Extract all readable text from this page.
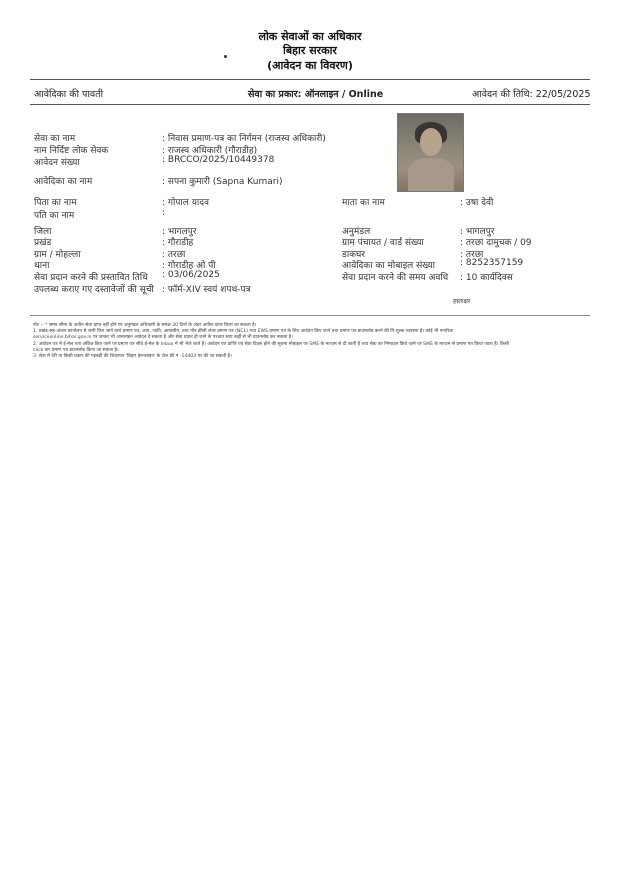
लोक सेवाओं का अधिकार
बिहार सरकार
(आवेदन का विवरण)
आवेदिका की पावती	सेवा का प्रकार: ऑनलाइन / Online	आवेदन की तिथि: 22/05/2025
सेवा का नाम	: निवास प्रमाण-पत्र का निर्गमन (राजस्व अधिकारी)
नाम निर्दिष्ट लोक सेवक	: राजस्व अधिकारी (गौराडीह)
आवेदन संख्या	: BRCCO/2025/10449378
आवेदिका का नाम	: सपना कुमारी (Sapna Kumari)
पिता का नाम	: गोपाल यादव	माता का नाम	: उषा देवी
पति का नाम	:
जिला	: भागलपुर	अनुमंडल	: भागलपुर
प्रखंड	: गौराडीह	ग्राम पंचायत / वार्ड संख्या	: तरछा दामुचक / 09
ग्राम / मोहल्ला	: तरछा	डाकघर	: तरछा
थाना	: गोराडीह ओ पी	आवेदिका का मोबाइल संख्या	: 8252357159
सेवा प्रदान करने की प्रस्तावित तिथि : 03/06/2025	सेवा प्रदान करने की समय अवधि : 10 कार्यदिवस
उपलब्ध कराए गए दस्तावेजों की सूची : फॉर्म-XIV स्वयं शपथ-पत्र
हस्ताक्षर

नोट :- * समय सीमा के अधीन सेवा प्राप्त नहीं होने पर अनुमंडल अधिकारी के समक्ष 30 दिनों के अंदर अपील दायर किया जा सकता है।

1. प्रखंड-सह-अंचल कार्यालय से जारी किए जाने वाले प्रमाण पत्र, आय, जाति, आवासीय, तथा नॉन क्रीमी लेयर प्रमाण पत्र (NCL) तथा EWS प्रमाण पत्र के लिए आवेदन किए जाने तथा प्रमाण पत्र डाउनलोड करने की नि:शुल्क व्यवस्था है। कोई भी नागरिक

serviceonline.bihar.gov.in पर जाकर भी आनलाइन आवेदन दे सकता है और सेवा प्रदान हो जाने के पश्चात स्वयं कहीं से भी डाउनलोड कर सकता है।

2. आवेदन पत्र में ई-मेल पता अंकित किए जाने पर प्रमाण पत्र सीधे ई-मेल के Inbox में भी भेजे जाते हैं। आवेदन पत्र प्राप्ति एवं सेवा दिवस होने की सूचना मोबाइल पर SMS के माध्यम से दी जाती है तथा सेवा का निष्पादन किये जाने पर SMS के माध्यम से प्रमाण पत्र किया जाता है। किसी

click कर प्रमाण पत्र डाउनलोड किया जा सकता है।

3. सेवा में देरी या किसी प्रकार की गड़बड़ी की शिकायत 'बिहार हेल्पलाइन' के टोल फ्री नं -14403 पर की जा सकती है।
